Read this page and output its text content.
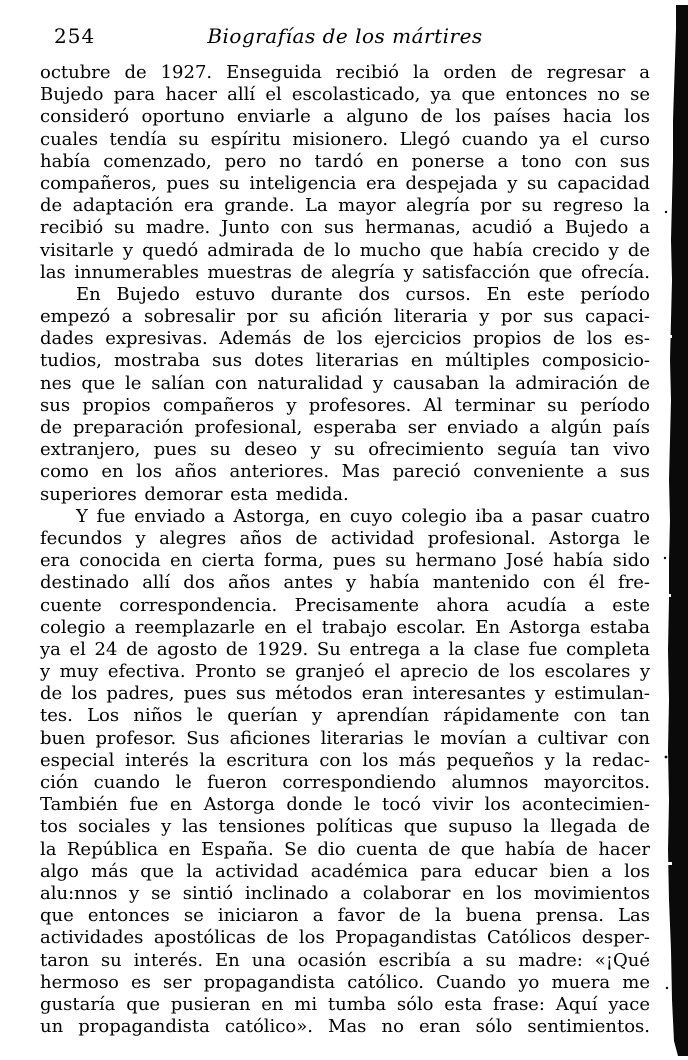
254	Biografías de los mártires
octubre de 1927. Enseguida recibió la orden de regresar a
Bujedo para hacer allí el escolasticado, ya que entonces no se
consideró oportuno enviarle a alguno de los países hacia los
cuales tendía su espíritu misionero. Llegó cuando ya el curso
había comenzado, pero no tardó en ponerse a tono con sus
compañeros, pues su inteligencia era despejada y su capacidad
de adaptación era grande. La mayor alegría por su regreso la
recibió su madre. Junto con sus hermanas, acudió a Bujedo a
visitarle y quedó admirada de lo mucho que había crecido y de
las innumerables muestras de alegría y satisfacción que ofrecía.
En Bujedo estuvo durante dos cursos. En este período
empezó a sobresalir por su afición literaria y por sus capaci-
dades expresivas. Además de los ejercicios propios de los es-
tudios, mostraba sus dotes literarias en múltiples composicio-
nes que le salían con naturalidad y causaban la admiración de
sus propios compañeros y profesores. Al terminar su período
de preparación profesional, esperaba ser enviado a algún país
extranjero, pues su deseo y su ofrecimiento seguía tan vivo
como en los años anteriores. Mas pareció conveniente a sus
superiores demorar esta medida.
Y fue enviado a Astorga, en cuyo colegio iba a pasar cuatro
fecundos y alegres años de actividad profesional. Astorga le
era conocida en cierta forma, pues su hermano José había sido
destinado allí dos años antes y había mantenido con él fre-
cuente correspondencia. Precisamente ahora acudía a este
colegio a reemplazarle en el trabajo escolar. En Astorga estaba
ya el 24 de agosto de 1929. Su entrega a la clase fue completa
y muy efectiva. Pronto se granjeó el aprecio de los escolares y
de los padres, pues sus métodos eran interesantes y estimulan-
tes. Los niños le querían y aprendían rápidamente con tan
buen profesor. Sus aficiones literarias le movían a cultivar con
especial interés la escritura con los más pequeños y la redac-
ción cuando le fueron correspondiendo alumnos mayorcitos.
También fue en Astorga donde le tocó vivir los acontecimien-
tos sociales y las tensiones políticas que supuso la llegada de
la República en España. Se dio cuenta de que había de hacer
algo más que la actividad académica para educar bien a los
alu:nnos y se sintió inclinado a colaborar en los movimientos
que entonces se iniciaron a favor de la buena prensa. Las
actividades apostólicas de los Propagandistas Católicos desper-
taron su interés. En una ocasión escribía a su madre: «¡Qué
hermoso es ser propagandista católico. Cuando yo muera me
gustaría que pusieran en mi tumba sólo esta frase: Aquí yace
un propagandista católico». Mas no eran sólo sentimientos.
